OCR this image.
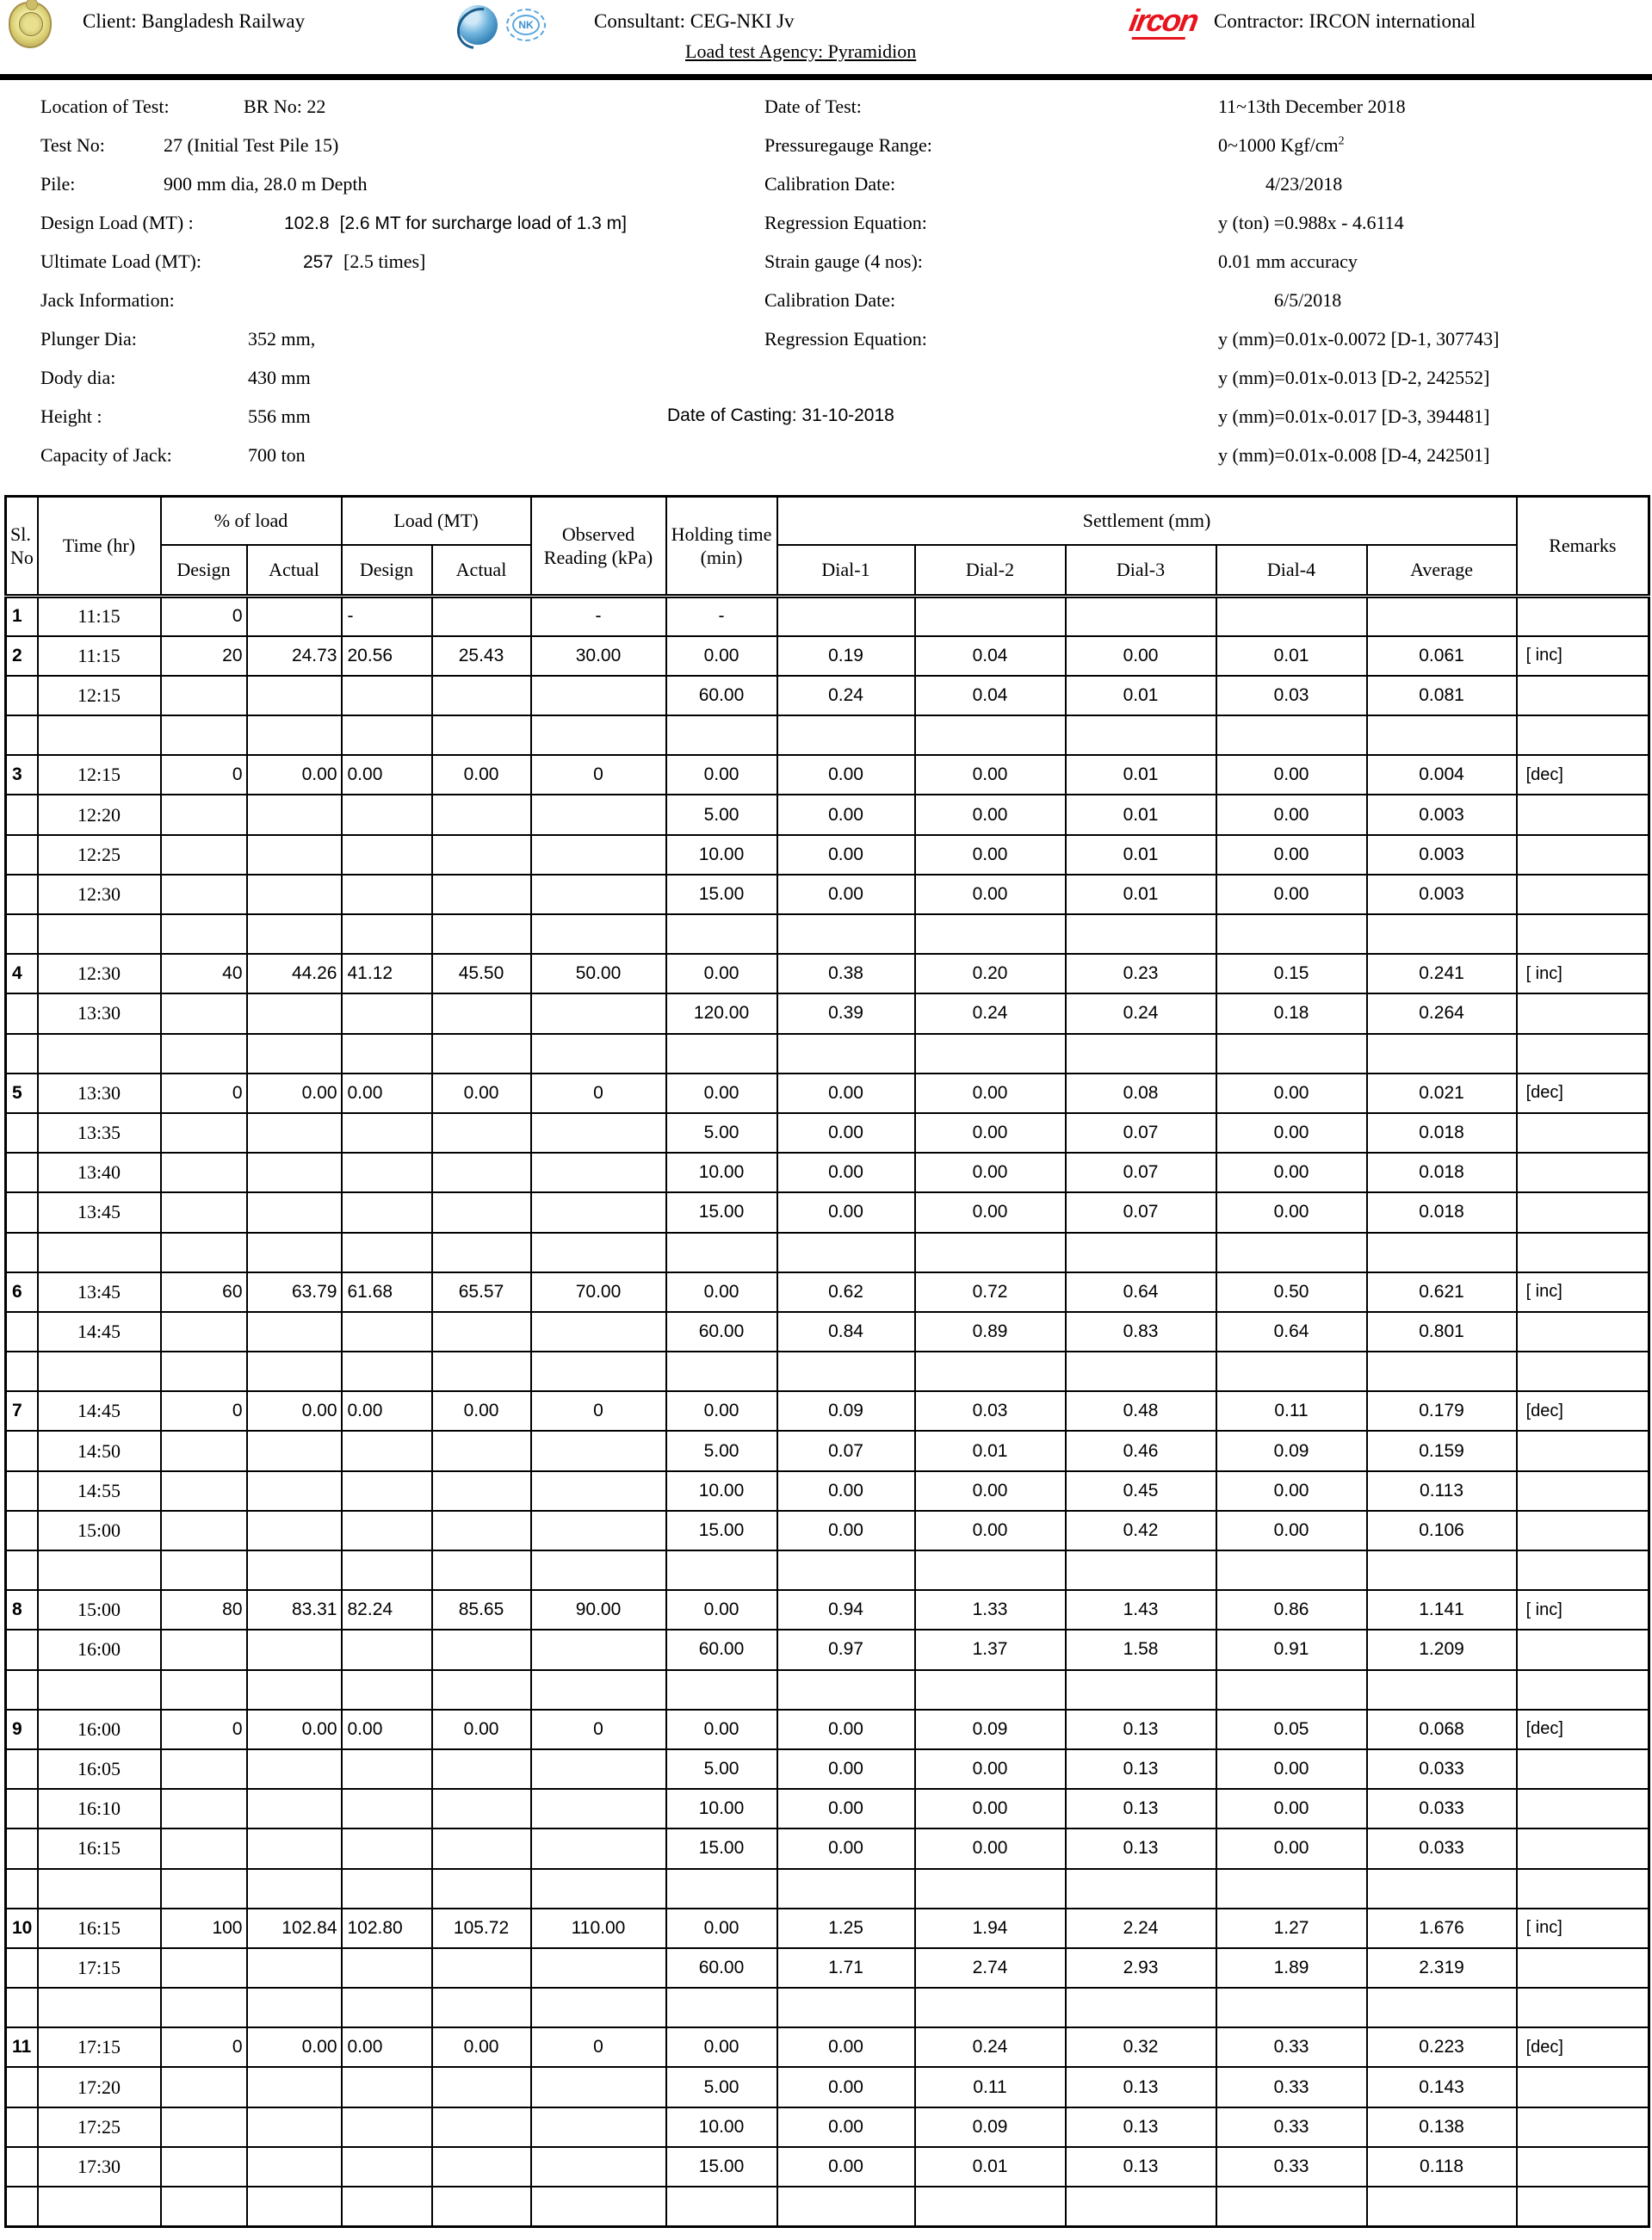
Client: Bangladesh Railway	NK	Consultant: CEG-NKI Jv
Load test Agency: Pyramidion
ircon Contractor: IRCON international
Location of Test:	BR No: 22
Test No:	27 (Initial Test Pile 15)
Pile:	900 mm dia, 28.0 m Depth
Design Load (MT) :	102.8 [2.6 MT for surcharge load of 1.3 m]
Ultimate Load (MT):	257 [2.5 times]
Jack Information:
Plunger Dia:	352 mm,
Dody dia:	430 mm
Height :	556 mm
Capacity of Jack:	700 ton
Date of Test:	11~13th December 2018
Pressuregauge Range:	0~1000 Kgf/$cm^2$
Calibration Date:	4/23/2018
Regression Equation:	y (ton) =0.988x - 4.6114
Strain gauge (4 nos):	0.01 mm accuracy
Calibration Date:	6/5/2018
Regression Equation:	y (mm)=0.01x-0.0072 [D-1, 307743]
y (mm)=0.01x-0.013 [D-2, 242552]
y (mm)=0.01x-0.017 [D-3, 394481]
y (mm)=0.01x-0.008 [D-4, 242501]
Date of Casting: 31-10-2018
Sl. No	Time (hr)	% of load		Load (MT)		Observed Reading (kPa)	Holding time (min)	Settlement (mm)					Remarks
		Design	Actual	Design	Actual			Dial-1	Dial-2	Dial-3	Dial-4	Average	
1	11:15	0		-		-	-						
2	11:15	20	24.73	20.56	25.43	30.00	0.00	0.19	0.04	0.00	0.01	0.061	[ inc]
	12:15						60.00	0.24	0.04	0.01	0.03	0.081	

3	12:15	0	0.00	0.00	0.00	0	0.00	0.00	0.00	0.01	0.00	0.004	[dec]
	12:20						5.00	0.00	0.00	0.01	0.00	0.003	
	12:25						10.00	0.00	0.00	0.01	0.00	0.003	
	12:30						15.00	0.00	0.00	0.01	0.00	0.003	

4	12:30	40	44.26	41.12	45.50	50.00	0.00	0.38	0.20	0.23	0.15	0.241	[ inc]
	13:30						120.00	0.39	0.24	0.24	0.18	0.264	

5	13:30	0	0.00	0.00	0.00	0	0.00	0.00	0.00	0.08	0.00	0.021	[dec]
	13:35						5.00	0.00	0.00	0.07	0.00	0.018	
	13:40						10.00	0.00	0.00	0.07	0.00	0.018	
	13:45						15.00	0.00	0.00	0.07	0.00	0.018	

6	13:45	60	63.79	61.68	65.57	70.00	0.00	0.62	0.72	0.64	0.50	0.621	[ inc]
	14:45						60.00	0.84	0.89	0.83	0.64	0.801	

7	14:45	0	0.00	0.00	0.00	0	0.00	0.09	0.03	0.48	0.11	0.179	[dec]
	14:50						5.00	0.07	0.01	0.46	0.09	0.159	
	14:55						10.00	0.00	0.00	0.45	0.00	0.113	
	15:00						15.00	0.00	0.00	0.42	0.00	0.106	

8	15:00	80	83.31	82.24	85.65	90.00	0.00	0.94	1.33	1.43	0.86	1.141	[ inc]
	16:00						60.00	0.97	1.37	1.58	0.91	1.209	

9	16:00	0	0.00	0.00	0.00	0	0.00	0.00	0.09	0.13	0.05	0.068	[dec]
	16:05						5.00	0.00	0.00	0.13	0.00	0.033	
	16:10						10.00	0.00	0.00	0.13	0.00	0.033	
	16:15						15.00	0.00	0.00	0.13	0.00	0.033	

10	16:15	100	102.84	102.80	105.72	110.00	0.00	1.25	1.94	2.24	1.27	1.676	[ inc]
	17:15						60.00	1.71	2.74	2.93	1.89	2.319	

11	17:15	0	0.00	0.00	0.00	0	0.00	0.00	0.24	0.32	0.33	0.223	[dec]
	17:20						5.00	0.00	0.11	0.13	0.33	0.143	
	17:25						10.00	0.00	0.09	0.13	0.33	0.138	
	17:30						15.00	0.00	0.01	0.13	0.33	0.118	
